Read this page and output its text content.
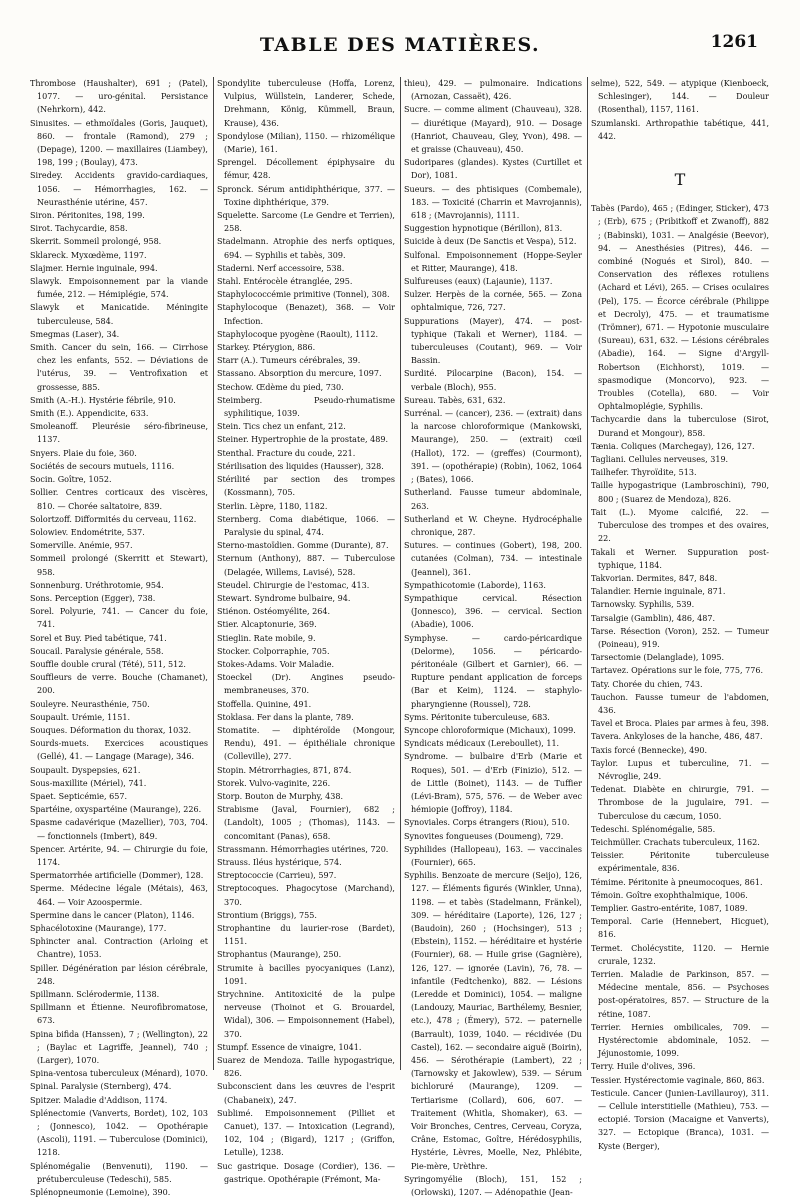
TABLE DES MATIÈRES.	1261

Thrombose (Haushalter), 691 ; (Patel), 1077. — uro-génital. Persistance (Nehrkorn), 442.

Sinusites. — ethmoïdales (Goris, Jauquet), 860. — frontale (Ramond), 279 ; (Depage), 1200. — maxillaires (Liambey), 198, 199 ; (Boulay), 473.

Siredey. Accidents gravido-cardiaques, 1056. — Hémorrhagies, 162. — Neurasthénie utérine, 457.

Siron. Péritonites, 198, 199.

Sirot. Tachycardie, 858.

Skerrit. Sommeil prolongé, 958.

Sklareck. Myxœdème, 1197.

Slajmer. Hernie inguinale, 994.

Slawyk. Empoisonnement par la viande fumée, 212. — Hémiplégie, 574.

Slawyk et Manicatide. Méningite tuberculeuse, 584.

Smegmas (Laser), 34.

Smith. Cancer du sein, 166. — Cirrhose chez les enfants, 552. — Déviations de l'utérus, 39. — Ventrofixation et grossesse, 885.

Smith (A.-H.). Hystérie fébrile, 910.

Smith (E.). Appendicite, 633.

Smoleanoff. Pleurésie séro-fibrineuse, 1137.

Snyers. Plaie du foie, 360.

Sociétés de secours mutuels, 1116.

Socin. Goître, 1052.

Sollier. Centres corticaux des viscères, 810. — Chorée saltatoire, 839.

Solortzoff. Difformités du cerveau, 1162.

Solowiev. Endométrite, 537.

Somerville. Anémie, 957.

Sommeil prolongé (Skerritt et Stewart), 958.

Sonnenburg. Uréthrotomie, 954.

Sons. Perception (Egger), 738.

Sorel. Polyurie, 741. — Cancer du foie, 741.

Sorel et Buy. Pied tabétique, 741.

Soucail. Paralysie générale, 558.

Souffle double crural (Tété), 511, 512.

Souffleurs de verre. Bouche (Chamanet), 200.

Souleyre. Neurasthénie, 750.

Soupault. Urémie, 1151.

Souques. Déformation du thorax, 1032.

Sourds-muets. Exercices acoustiques (Gellé), 41. — Langage (Marage), 346.

Soupault. Dyspepsies, 621.

Sous-maxillite (Mériel), 741.

Spaet. Septicémie, 657.

Spartéine, oxyspartéine (Maurange), 226.

Spasme cadavérique (Mazellier), 703, 704. — fonctionnels (Imbert), 849.

Spencer. Artérite, 94. — Chirurgie du foie, 1174.

Spermatorrhée artificielle (Dommer), 128.

Sperme. Médecine légale (Métais), 463, 464. — Voir Azoospermie.

Spermine dans le cancer (Platon), 1146.

Sphacélotoxine (Maurange), 177.

Sphincter anal. Contraction (Arloing et Chantre), 1053.

Spiller. Dégénération par lésion cérébrale, 248.

Spillmann. Sclérodermie, 1138.

Spillmann et Étienne. Neurofibromatose, 673.

Spina bifida (Hanssen), 7 ; (Wellington), 22 ; (Baylac et Lagriffe, Jeannel), 740 ; (Larger), 1070.

Spina-ventosa tuberculeux (Ménard), 1070.

Spinal. Paralysie (Sternberg), 474.

Spitzer. Maladie d'Addison, 1174.

Splénectomie (Vanverts, Bordet), 102, 103 ; (Jonnesco), 1042. — Opothérapie (Ascoli), 1191. — Tuberculose (Dominici), 1218.

Splénomégalie (Benvenuti), 1190. — prétuberculeuse (Tedeschi), 585.

Splénopneumonie (Lemoine), 390.

Spondylite tuberculeuse (Hoffa, Lorenz, Vulpius, Wüllstein, Landerer, Schede, Drehmann, König, Kümmell, Braun, Krause), 436.

Spondylose (Milian), 1150. — rhizomélique (Marie), 161.

Sprengel. Décollement épiphysaire du fémur, 428.

Spronck. Sérum antidiphthérique, 377. — Toxine diphthérique, 379.

Squelette. Sarcome (Le Gendre et Terrien), 258.

Stadelmann. Atrophie des nerfs optiques, 694. — Syphilis et tabès, 309.

Staderni. Nerf accessoire, 538.

Stahl. Entérocèle étranglée, 295.

Staphylococcémie primitive (Tonnel), 308.

Staphylocoque (Benazet), 368. — Voir Infection.

Staphylocoque pyogène (Raoult), 1112.

Starkey. Ptérygion, 886.

Starr (A.). Tumeurs cérébrales, 39.

Stassano. Absorption du mercure, 1097.

Stechow. Œdème du pied, 730.

Steimberg. Pseudo-rhumatisme syphilitique, 1039.

Stein. Tics chez un enfant, 212.

Steiner. Hypertrophie de la prostate, 489.

Stenthal. Fracture du coude, 221.

Stérilisation des liquides (Hausser), 328.

Stérilité par section des trompes (Kossmann), 705.

Sterlin. Lèpre, 1180, 1182.

Sternberg. Coma diabétique, 1066. — Paralysie du spinal, 474.

Sterno-mastoïdien. Gomme (Durante), 87.

Sternum (Anthony), 887. — Tuberculose (Delagée, Willems, Lavisé), 528.

Steudel. Chirurgie de l'estomac, 413.

Stewart. Syndrome bulbaire, 94.

Stiénon. Ostéomyélite, 264.

Stier. Alcaptonurie, 369.

Stieglin. Rate mobile, 9.

Stocker. Colporraphie, 705.

Stokes-Adams. Voir Maladie.

Stoeckel (Dr). Angines pseudo-membraneuses, 370.

Stoffella. Quinine, 491.

Stoklasa. Fer dans la plante, 789.

Stomatite. — diphtéroïde (Mongour, Rendu), 491. — épithéliale chronique (Colleville), 277.

Stopin. Métrorrhagies, 871, 874.

Storek. Vulvo-vaginite, 226.

Storp. Bouton de Murphy, 438.

Strabisme (Javal, Fournier), 682 ; (Landolt), 1005 ; (Thomas), 1143. — concomitant (Panas), 658.

Strassmann. Hémorrhagies utérines, 720.

Strauss. Iléus hystérique, 574.

Streptococcie (Carrieu), 597.

Streptocoques. Phagocytose (Marchand), 370.

Strontium (Briggs), 755.

Strophantine du laurier-rose (Bardet), 1151.

Strophantus (Maurange), 250.

Strumite à bacilles pyocyaniques (Lanz), 1091.

Strychnine. Antitoxicité de la pulpe nerveuse (Thoinot et G. Brouardel, Widal), 306. — Empoisonnement (Habel), 370.

Stumpf. Essence de vinaigre, 1041.

Suarez de Mendoza. Taille hypogastrique, 826.

Subconscient dans les œuvres de l'esprit (Chabaneix), 247.

Sublimé. Empoisonnement (Pilliet et Canuet), 137. — Intoxication (Legrand), 102, 104 ; (Bigard), 1217 ; (Griffon, Letulle), 1238.

Suc gastrique. Dosage (Cordier), 136. — gastrique. Opothérapie (Frémont, Ma-

thieu), 429. — pulmonaire. Indications (Arnozan, Cassaët), 426.

Sucre. — comme aliment (Chauveau), 328. — diurétique (Mayard), 910. — Dosage (Hanriot, Chauveau, Gley, Yvon), 498. — et graisse (Chauveau), 450.

Sudoripares (glandes). Kystes (Curtillet et Dor), 1081.

Sueurs. — des phtisiques (Combemale), 183. — Toxicité (Charrin et Mavrojannis), 618 ; (Mavrojannis), 1111.

Suggestion hypnotique (Bérillon), 813.

Suicide à deux (De Sanctis et Vespa), 512.

Sulfonal. Empoisonnement (Hoppe-Seyler et Ritter, Maurange), 418.

Sulfureuses (eaux) (Lajaunie), 1137.

Sulzer. Herpès de la cornée, 565. — Zona ophtalmique, 726, 727.

Suppurations (Mayer), 474. — post-typhique (Takali et Werner), 1184. — tuberculeuses (Coutant), 969. — Voir Bassin.

Surdité. Pilocarpine (Bacon), 154. — verbale (Bloch), 955.

Sureau. Tabès, 631, 632.

Surrénal. — (cancer), 236. — (extrait) dans la narcose chloroformique (Mankowski, Maurange), 250. — (extrait) cœil (Hallot), 172. — (greffes) (Courmont), 391. — (opothérapie) (Robin), 1062, 1064 ; (Bates), 1066.

Sutherland. Fausse tumeur abdominale, 263.

Sutherland et W. Cheyne. Hydrocéphalie chronique, 287.

Sutures. — continues (Gobert), 198, 200. cutanées (Colman), 734. — intestinale (Jeannel), 361.

Sympathicotomie (Laborde), 1163.

Sympathique cervical. Résection (Jonnesco), 396. — cervical. Section (Abadie), 1006.

Symphyse. — cardo-péricardique (Delorme), 1056. — péricardo-péritonéale (Gilbert et Garnier), 66. — Rupture pendant application de forceps (Bar et Keim), 1124. — staphylo-pharyngienne (Roussel), 728.

Syms. Péritonite tuberculeuse, 683.

Syncope chloroformique (Michaux), 1099.

Syndicats médicaux (Lereboullet), 11.

Syndrome. — bulbaire d'Erb (Marie et Roques), 501. — d'Erb (Finizio), 512. — de Little (Boinet), 1143. — de Tuffier (Lévi-Bram), 575, 576. — de Weber avec hémiopie (Joffroy), 1184.

Synoviales. Corps étrangers (Riou), 510.

Synovites fongueuses (Doumeng), 729.

Syphilides (Hallopeau), 163. — vaccinales (Fournier), 665.

Syphilis. Benzoate de mercure (Seijo), 126, 127. — Éléments figurés (Winkler, Unna), 1198. — et tabès (Stadelmann, Fränkel), 309. — héréditaire (Laporte), 126, 127 ; (Baudoin), 260 ; (Hochsinger), 513 ; (Ebstein), 1152. — héréditaire et hystérie (Fournier), 68. — Huile grise (Gagnière), 126, 127. — ignorée (Lavin), 76, 78. — infantile (Fedtchenko), 882. — Lésions (Leredde et Dominici), 1054. — maligne (Landouzy, Mauriac, Barthélemy, Besnier, etc.), 478 ; (Émery), 572. — paternelle (Barrault), 1039, 1040. — récidivée (Du Castel), 162. — secondaire aiguë (Boirin), 456. — Sérothérapie (Lambert), 22 ; (Tarnowsky et Jakowlew), 539. — Sérum bichloruré (Maurange), 1209. — Tertiarisme (Collard), 606, 607. — Traitement (Whitla, Shomaker), 63. — Voir Bronches, Centres, Cerveau, Coryza, Crâne, Estomac, Goître, Hérédosyphilis, Hystérie, Lèvres, Moelle, Nez, Phlébite, Pie-mère, Urèthre.

Syringomyélie (Bloch), 151, 152 ; (Orlowski), 1207. — Adénopathie (Jean-

selme), 522, 549. — atypique (Kienboeck, Schlesinger), 144. — Douleur (Rosenthal), 1157, 1161.

Szumlanski. Arthropathie tabétique, 441, 442.

T

Tabès (Pardo), 465 ; (Edinger, Sticker), 473 ; (Erb), 675 ; (Pribitkoff et Zwanoff), 882 ; (Babinski), 1031. — Analgésie (Beevor), 94. — Anesthésies (Pitres), 446. — combiné (Nogués et Sirol), 840. — Conservation des réflexes rotuliens (Achard et Lévi), 265. — Crises oculaires (Pel), 175. — Écorce cérébrale (Philippe et Decroly), 475. — et traumatisme (Trömner), 671. — Hypotonie musculaire (Sureau), 631, 632. — Lésions cérébrales (Abadie), 164. — Signe d'Argyll-Robertson (Eichhorst), 1019. — spasmodique (Moncorvo), 923. — Troubles (Cotella), 680. — Voir Ophtalmoplégie, Syphilis.

Tachycardie dans la tuberculose (Sirot, Durand et Mongour), 858.

Tænia. Coliques (Marchegay), 126, 127.

Tagliani. Cellules nerveuses, 319.

Tailhefer. Thyroïdite, 513.

Taille hypogastrique (Lambroschini), 790, 800 ; (Suarez de Mendoza), 826.

Tait (L.). Myome calcifié, 22. — Tuberculose des trompes et des ovaires, 22.

Takali et Werner. Suppuration post-typhique, 1184.

Takvorian. Dermites, 847, 848.

Talandier. Hernie inguinale, 871.

Tarnowsky. Syphilis, 539.

Tarsalgie (Gamblin), 486, 487.

Tarse. Résection (Voron), 252. — Tumeur (Poineau), 919.

Tarsectomie (Delanglade), 1095.

Tartavez. Opérations sur le foie, 775, 776.

Taty. Chorée du chien, 743.

Tauchon. Fausse tumeur de l'abdomen, 436.

Tavel et Broca. Plaies par armes à feu, 398.

Tavera. Ankyloses de la hanche, 486, 487.

Taxis forcé (Bennecke), 490.

Taylor. Lupus et tuberculine, 71. — Névroglie, 249.

Tedenat. Diabète en chirurgie, 791. — Thrombose de la jugulaire, 791. — Tuberculose du cæcum, 1050.

Tedeschi. Splénomégalie, 585.

Teichmüller. Crachats tuberculeux, 1162.

Teissier. Péritonite tuberculeuse expérimentale, 836.

Témime. Péritonite à pneumocoques, 861.

Témoin. Goître exophthalmique, 1006.

Templier. Gastro-entérite, 1087, 1089.

Temporal. Carie (Hennebert, Hicguet), 816.

Termet. Cholécystite, 1120. — Hernie crurale, 1232.

Terrien. Maladie de Parkinson, 857. — Médecine mentale, 856. — Psychoses post-opératoires, 857. — Structure de la rétine, 1087.

Terrier. Hernies ombilicales, 709. — Hystérectomie abdominale, 1052. — Jéjunostomie, 1099.

Terry. Huile d'olives, 396.

Tessier. Hystérectomie vaginale, 860, 863.

Testicule. Cancer (Junien-Lavillauroy), 311. — Cellule interstitielle (Mathieu), 753. — ectopié. Torsion (Macaigne et Vanverts), 327. — Ectopique (Branca), 1031. — Kyste (Berger),
